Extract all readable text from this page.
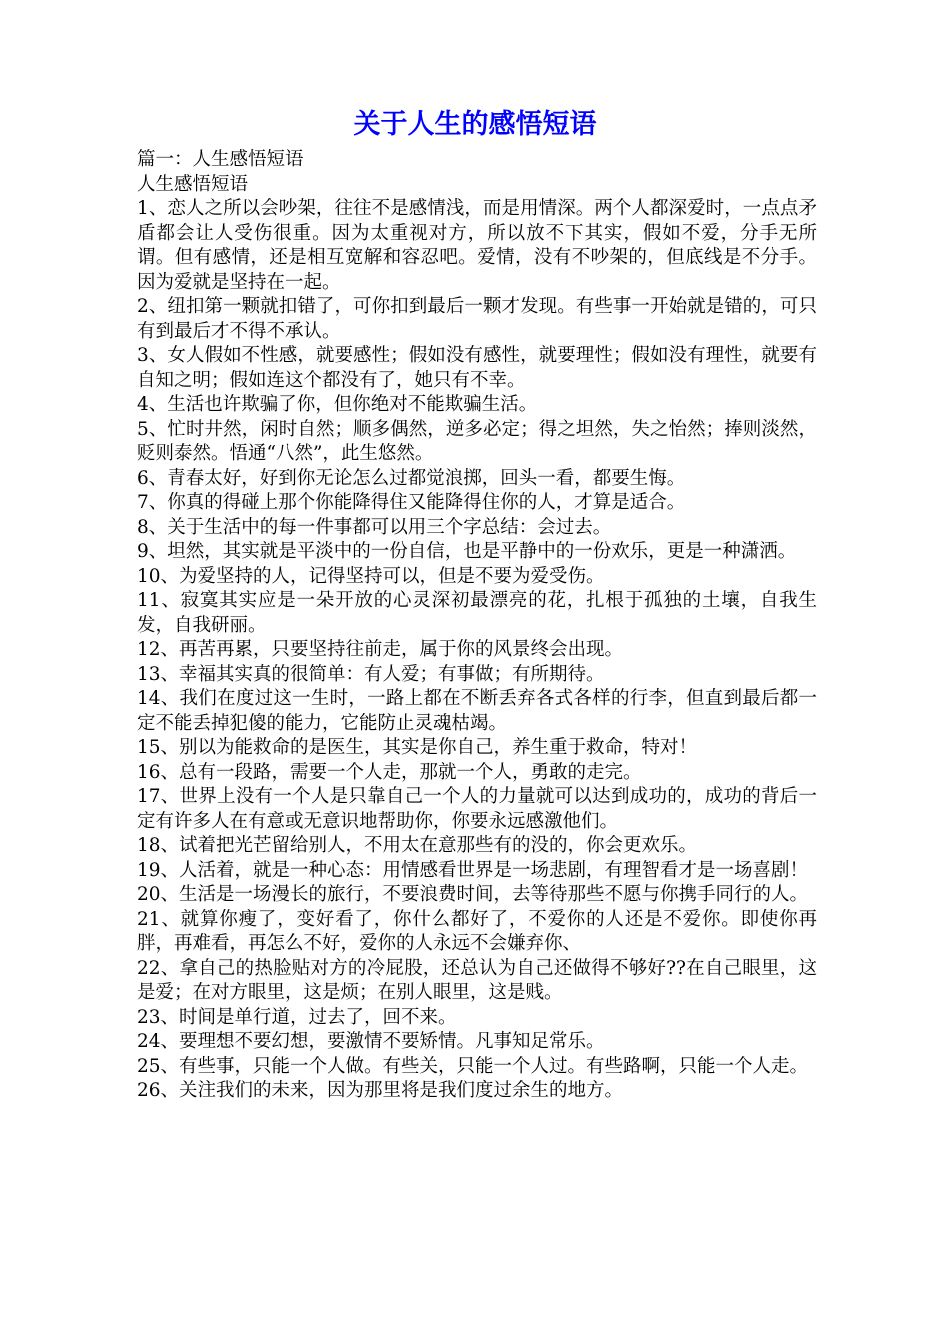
关于人生的感悟短语

篇一：人生感悟短语

人生感悟短语

1、恋人之所以会吵架，往往不是感情浅，而是用情深。两个人都深爱时，一点点矛盾都会让人受伤很重。因为太重视对方，所以放不下其实，假如不爱，分手无所谓。但有感情，还是相互宽解和容忍吧。爱情，没有不吵架的，但底线是不分手。因为爱就是坚持在一起。

2、纽扣第一颗就扣错了，可你扣到最后一颗才发现。有些事一开始就是错的，可只有到最后才不得不承认。

3、女人假如不性感，就要感性；假如没有感性，就要理性；假如没有理性，就要有自知之明；假如连这个都没有了，她只有不幸。

4、生活也许欺骗了你，但你绝对不能欺骗生活。

5、忙时井然，闲时自然；顺多偶然，逆多必定；得之坦然，失之怡然；捧则淡然，贬则泰然。悟通“八然”，此生悠然。

6、青春太好，好到你无论怎么过都觉浪掷，回头一看，都要生悔。

7、你真的得碰上那个你能降得住又能降得住你的人，才算是适合。

8、关于生活中的每一件事都可以用三个字总结：会过去。

9、坦然，其实就是平淡中的一份自信，也是平静中的一份欢乐，更是一种潇洒。

10、为爱坚持的人，记得坚持可以，但是不要为爱受伤。

11、寂寞其实应是一朵开放的心灵深初最漂亮的花，扎根于孤独的土壤，自我生发，自我研丽。

12、再苦再累，只要坚持往前走，属于你的风景终会出现。

13、幸福其实真的很简单：有人爱；有事做；有所期待。

14、我们在度过这一生时，一路上都在不断丢弃各式各样的行李，但直到最后都一定不能丢掉犯傻的能力，它能防止灵魂枯竭。

15、别以为能救命的是医生，其实是你自己，养生重于救命，特对！

16、总有一段路，需要一个人走，那就一个人，勇敢的走完。

17、世界上没有一个人是只靠自己一个人的力量就可以达到成功的，成功的背后一定有许多人在有意或无意识地帮助你，你要永远感激他们。

18、试着把光芒留给别人，不用太在意那些有的没的，你会更欢乐。

19、人活着，就是一种心态：用情感看世界是一场悲剧，有理智看才是一场喜剧！

20、生活是一场漫长的旅行，不要浪费时间，去等待那些不愿与你携手同行的人。

21、就算你瘦了，变好看了，你什么都好了，不爱你的人还是不爱你。即使你再胖，再难看，再怎么不好，爱你的人永远不会嫌弃你、

22、拿自己的热脸贴对方的冷屁股，还总认为自己还做得不够好??在自己眼里，这是爱；在对方眼里，这是烦；在别人眼里，这是贱。

23、时间是单行道，过去了，回不来。

24、要理想不要幻想，要激情不要矫情。凡事知足常乐。

25、有些事，只能一个人做。有些关，只能一个人过。有些路啊，只能一个人走。

26、关注我们的未来，因为那里将是我们度过余生的地方。
